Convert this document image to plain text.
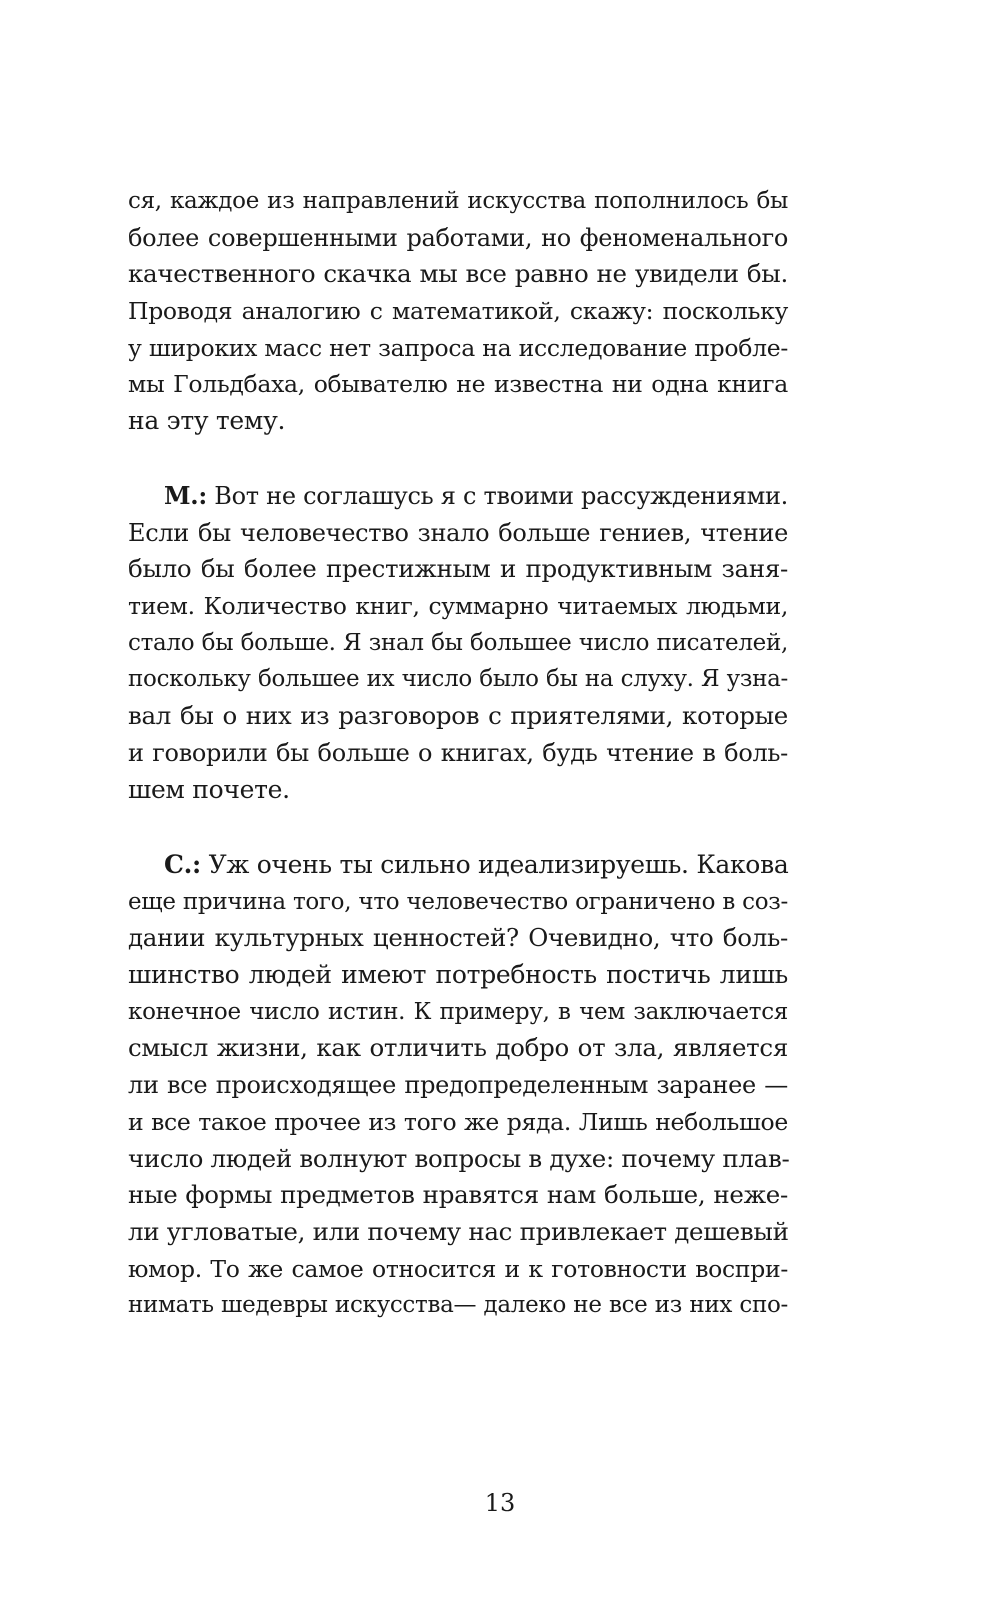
ся, каждое из направлений искусства пополнилось бы
более совершенными работами, но феноменального
качественного скачка мы все равно не увидели бы.
Проводя аналогию с математикой, скажу: поскольку
у широких масс нет запроса на исследование пробле-
мы Гольдбаха, обывателю не известна ни одна книга
на эту тему.
М.: Вот не соглашусь я с твоими рассуждениями.
Если бы человечество знало больше гениев, чтение
было бы более престижным и продуктивным заня-
тием. Количество книг, суммарно читаемых людьми,
стало бы больше. Я знал бы большее число писателей,
поскольку большее их число было бы на слуху. Я узна-
вал бы о них из разговоров с приятелями, которые
и говорили бы больше о книгах, будь чтение в боль-
шем почете.
С.: Уж очень ты сильно идеализируешь. Какова
еще причина того, что человечество ограничено в соз-
дании культурных ценностей? Очевидно, что боль-
шинство людей имеют потребность постичь лишь
конечное число истин. К примеру, в чем заключается
смысл жизни, как отличить добро от зла, является
ли все происходящее предопределенным заранее —
и все такое прочее из того же ряда. Лишь небольшое
число людей волнуют вопросы в духе: почему плав-
ные формы предметов нравятся нам больше, неже-
ли угловатые, или почему нас привлекает дешевый
юмор. То же самое относится и к готовности воспри-
нимать шедевры искусства— далеко не все из них спо-
13
